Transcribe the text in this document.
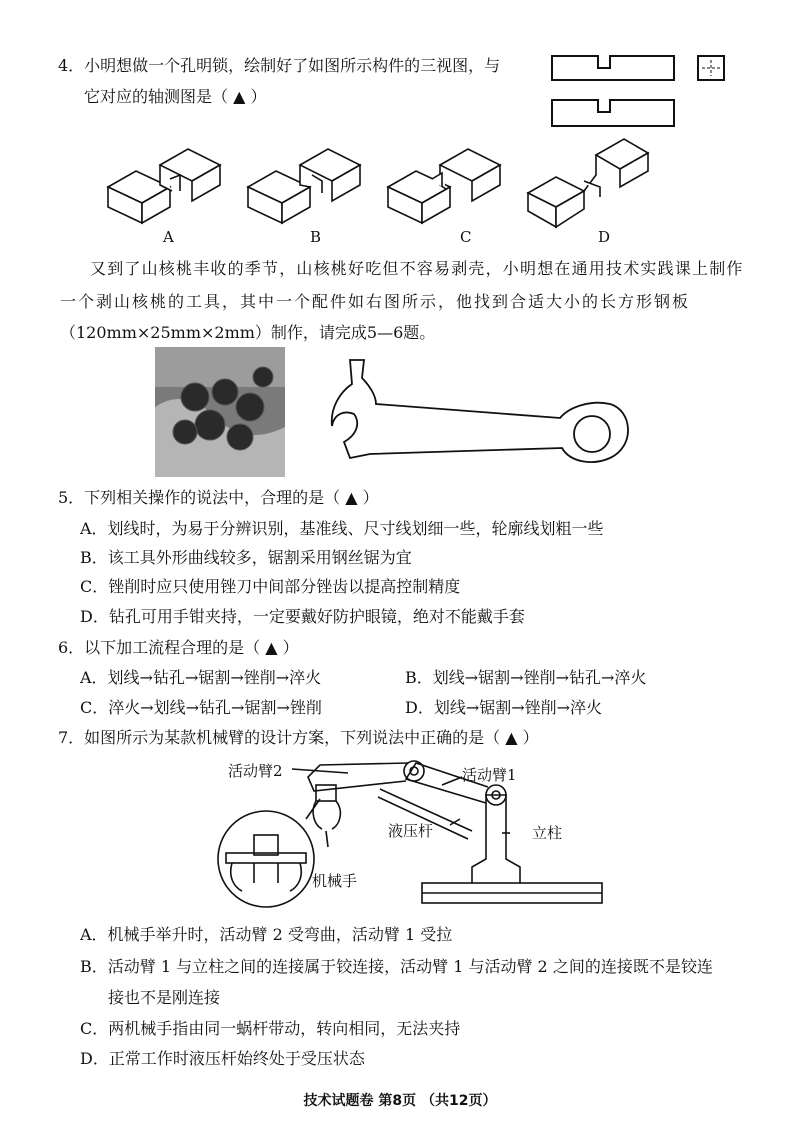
4．小明想做一个孔明锁，绘制好了如图所示构件的三视图，与
它对应的轴测图是（ ▲ ）
A	B	C	D
又到了山核桃丰收的季节，山核桃好吃但不容易剥壳，小明想在通用技术实践课上制作
一个剥山核桃的工具，其中一个配件如右图所示，他找到合适大小的长方形钢板
（120mm×25mm×2mm）制作，请完成5—6题。
5．下列相关操作的说法中，合理的是（ ▲ ）
A．划线时，为易于分辨识别，基准线、尺寸线划细一些，轮廓线划粗一些
B．该工具外形曲线较多，锯割采用钢丝锯为宜
C．锉削时应只使用锉刀中间部分锉齿以提高控制精度
D．钻孔可用手钳夹持，一定要戴好防护眼镜，绝对不能戴手套
6．以下加工流程合理的是（ ▲ ）
A．划线→钻孔→锯割→锉削→淬火	B．划线→锯割→锉削→钻孔→淬火
C．淬火→划线→钻孔→锯割→锉削	D．划线→锯割→锉削→淬火
7．如图所示为某款机械臂的设计方案，下列说法中正确的是（ ▲ ）
活动臂2	活动臂1
液压杆	立柱
机械手
A．机械手举升时，活动臂 2 受弯曲，活动臂 1 受拉
B．活动臂 1 与立柱之间的连接属于铰连接，活动臂 1 与活动臂 2 之间的连接既不是铰连
接也不是刚连接
C．两机械手指由同一蜗杆带动，转向相同，无法夹持
D．正常工作时液压杆始终处于受压状态
技术试题卷 第8页 （共12页）
